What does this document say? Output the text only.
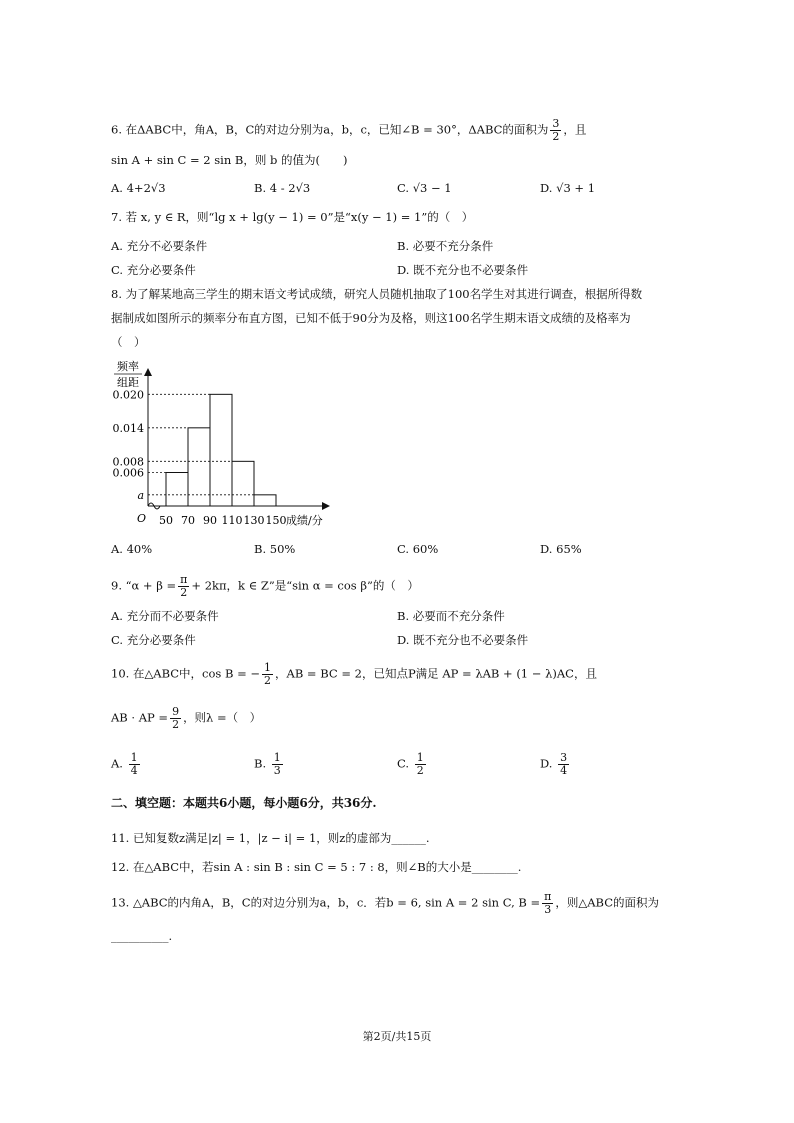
6. 在ΔABC中，角A，B，C的对边分别为a，b，c，已知∠B = 30°，ΔABC的面积为 $\frac{3}{2}$ ，且
sin A + sin C = 2 sin B，则 b 的值为(　　)
A. 4+2√3	B. 4 - 2√3	C. √3 − 1	D. √3 + 1
7. 若 x, y ∈ R，则“lg x + lg(y − 1) = 0”是“x(y − 1) = 1”的（　）
A. 充分不必要条件	B. 必要不充分条件
C. 充分必要条件	D. 既不充分也不必要条件
8. 为了解某地高三学生的期末语文考试成绩，研究人员随机抽取了100名学生对其进行调查，根据所得数
据制成如图所示的频率分布直方图，已知不低于90分为及格，则这100名学生期末语文成绩的及格率为
（　）
频率
组距
O
0.020
0.014
0.008
0.006
a
50 70 90 110 130 150 成绩/分
A. 40%	B. 50%	C. 60%	D. 65%
9. “$\alpha + \beta = \frac{\pi}{2} + 2k\pi$，k ∈ Z”是“sin α = cos β”的（　）
A. 充分而不必要条件	B. 必要而不充分条件
C. 充分必要条件	D. 既不充分也不必要条件
10. 在△ABC中，cos B = − $\frac{1}{2}$ ，AB = BC = 2，已知点P满足 AP = λAB + (1 − λ)AC，且
AB · AP = $\frac{9}{2}$ ，则λ =（　）
A. $\frac{1}{4}$	B. $\frac{1}{3}$	C. $\frac{1}{2}$	D. $\frac{3}{4}$
二、填空题：本题共6小题，每小题6分，共36分.
11. 已知复数z满足|z| = 1，|z − i| = 1，则z的虚部为______.
12. 在△ABC中，若sin A : sin B : sin C = 5 : 7 : 8，则∠B的大小是________.
13. △ABC的内角A，B，C的对边分别为a，b，c．若b = 6, sin A = 2 sin C, $B = \frac{\pi}{3}$ ，则△ABC的面积为
__________.
第2页/共15页
